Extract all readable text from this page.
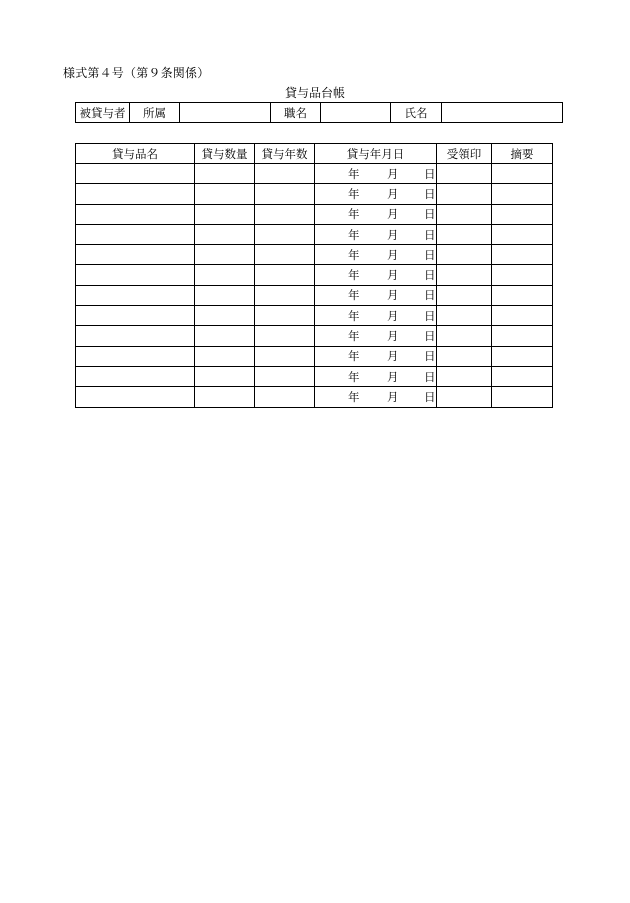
様式第４号（第９条関係）
貸与品台帳
被貸与者	所属		職名		氏名	
貸与品名	貸与数量	貸与年数	貸与年月日	受領印	摘要

			年 月 日		

			年 月 日		

			年 月 日		

			年 月 日		

			年 月 日		

			年 月 日		

			年 月 日		

			年 月 日		

			年 月 日		

			年 月 日		

			年 月 日		

			年 月 日		
